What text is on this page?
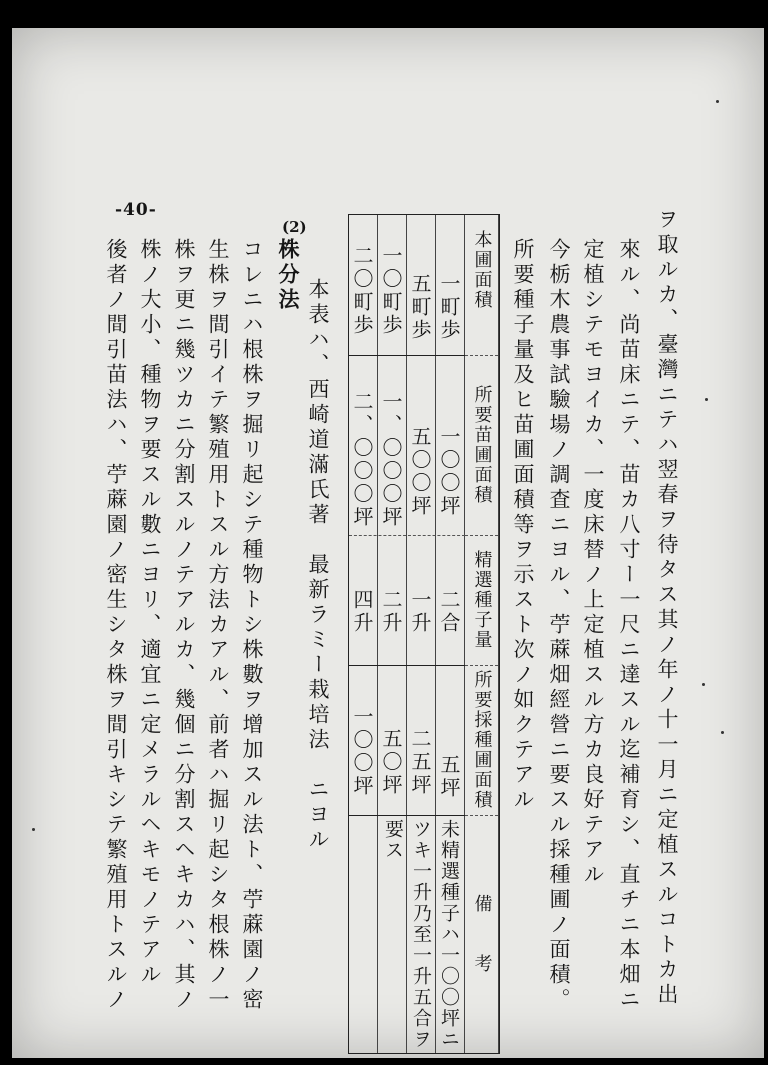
-40-
(2)	ヲ取ルカ、臺灣ニテハ翌春ヲ待タス其ノ年ノ十一月ニ定植スルコトカ出
來ル、尚苗床ニテ、苗カ八寸ー一尺ニ達スル迄補育シ、直チニ本畑ニ
定植シテモヨイカ、一度床替ノ上定植スル方カ良好テアル
今栃木農事試驗場ノ調査ニヨル、苧蔴畑經營ニ要スル採種圃ノ面積。
所要種子量及ヒ苗圃面積等ヲ示スト次ノ如クテアル
本圃面積
所要苗圃面積
精選種子量
所要採種圃面積
備　　考
一町歩
一〇〇坪
二合
五坪
五町歩
五〇〇坪
一升
二五坪
一〇町歩
一、〇〇〇坪
二升
五〇坪
二〇町歩
二、〇〇〇坪
四升
一〇〇坪
未精選種子ハ一〇〇坪ニツキ一升乃至一升五合ヲ要ス
本表ハ、西崎道滿氏著　最新ラミー栽培法　ニヨル
株分法
コレニハ根株ヲ掘リ起シテ種物トシ株數ヲ增加スル法ト、苧蔴園ノ密
生株ヲ間引イテ繁殖用トスル方法カアル、前者ハ掘リ起シタ根株ノ一
株ヲ更ニ幾ツカニ分割スルノテアルカ、幾個ニ分割スヘキカハ、其ノ
株ノ大小、種物ヲ要スル數ニヨリ、適宜ニ定メラルヘキモノテアル
後者ノ間引苗法ハ、苧蔴園ノ密生シタ株ヲ間引キシテ繁殖用トスルノ
